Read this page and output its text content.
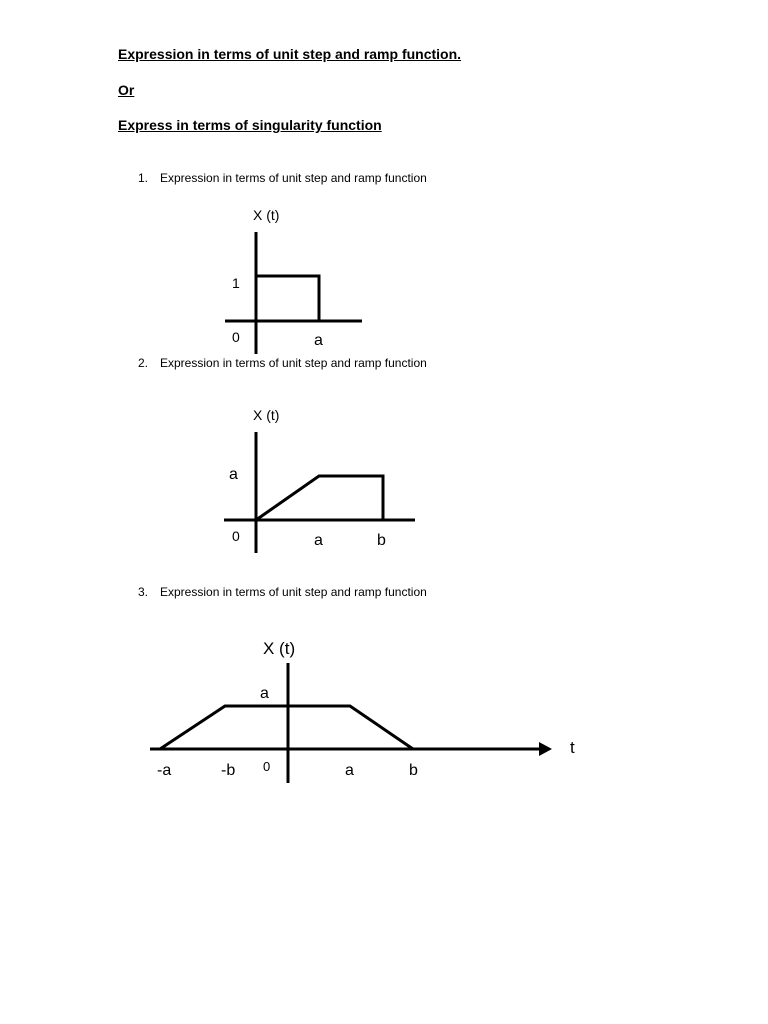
Expression in terms of unit step and ramp function.
Or
Express in terms of singularity function
1. Expression in terms of unit step and ramp function
2. Expression in terms of unit step and ramp function
3. Expression in terms of unit step and ramp function
X (t)
1
0	a
X (t)
a
0	a	b
X (t)
a
0
-a	-b	a	b
t
